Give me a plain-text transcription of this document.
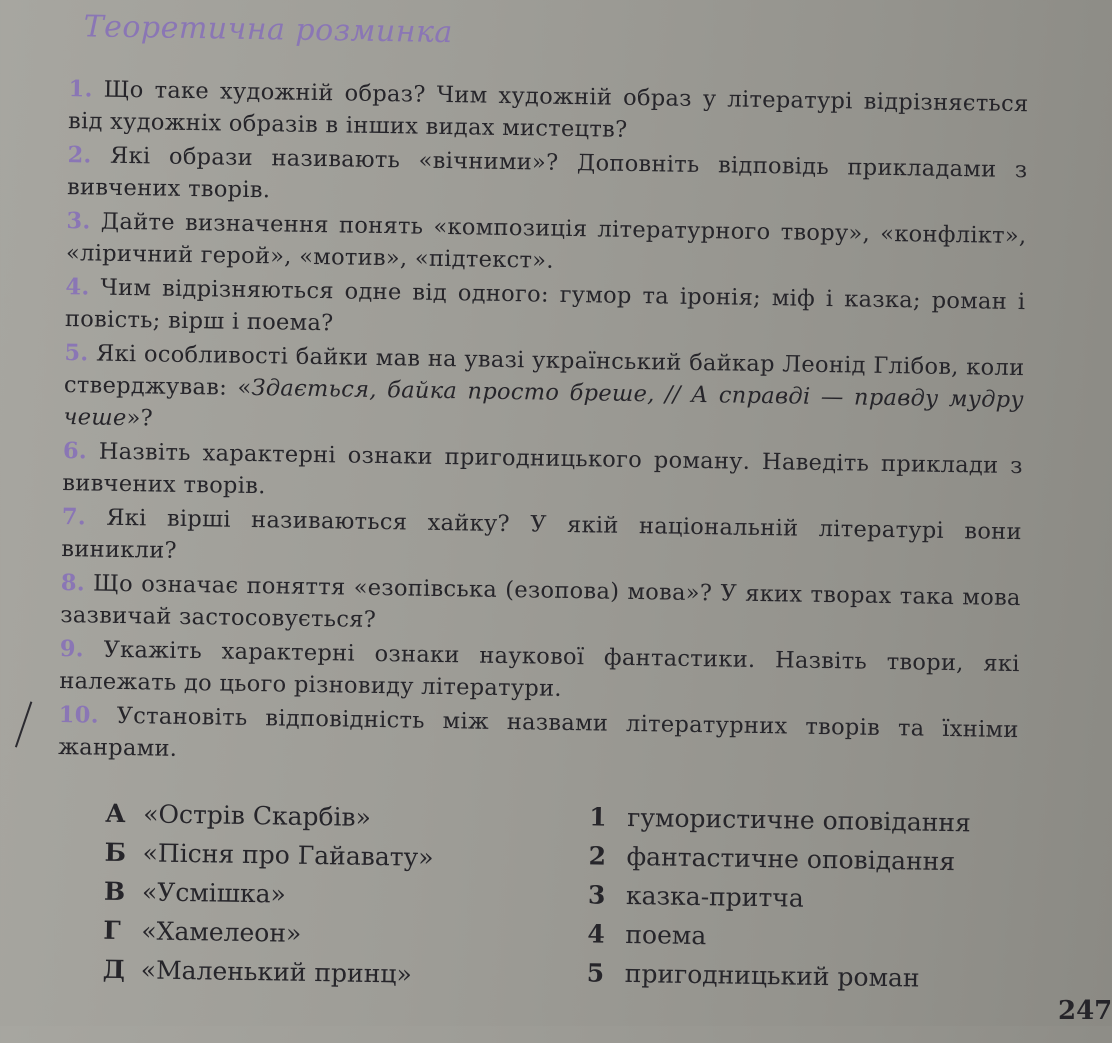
Теоретична розминка

1. Що таке художній образ? Чим художній образ у літературі відрізняється від художніх образів в інших видах мистецтв?

2. Які образи називають «вічними»? Доповніть відповідь прикладами з вивчених творів.

3. Дайте визначення понять «композиція літературного твору», «конфлікт», «ліричний герой», «мотив», «підтекст».

4. Чим відрізняються одне від одного: гумор та іронія; міф і казка; роман і повість; вірш і поема?

5. Які особливості байки мав на увазі український байкар Леонід Глібов, коли стверджував: «Здається, байка просто бреше, // А справді — правду мудру чеше»?

6. Назвіть характерні ознаки пригодницького роману. Наведіть приклади з вивчених творів.

7. Які вірші називаються хайку? У якій національній літературі вони виникли?

8. Що означає поняття «езопівська (езопова) мова»? У яких творах така мова зазвичай застосовується?

9. Укажіть характерні ознаки наукової фантастики. Назвіть твори, які належать до цього різновиду літератури.

10. Установіть відповідність між назвами літературних творів та їхніми жанрами.

А «Острів Скарбів»
Б «Пісня про Гайавату»
В «Усмішка»
Г «Хамелеон»
Д «Маленький принц»
1 гумористичне оповідання
2 фантастичне оповідання
3 казка-притча
4 поема
5 пригодницький роман
247
